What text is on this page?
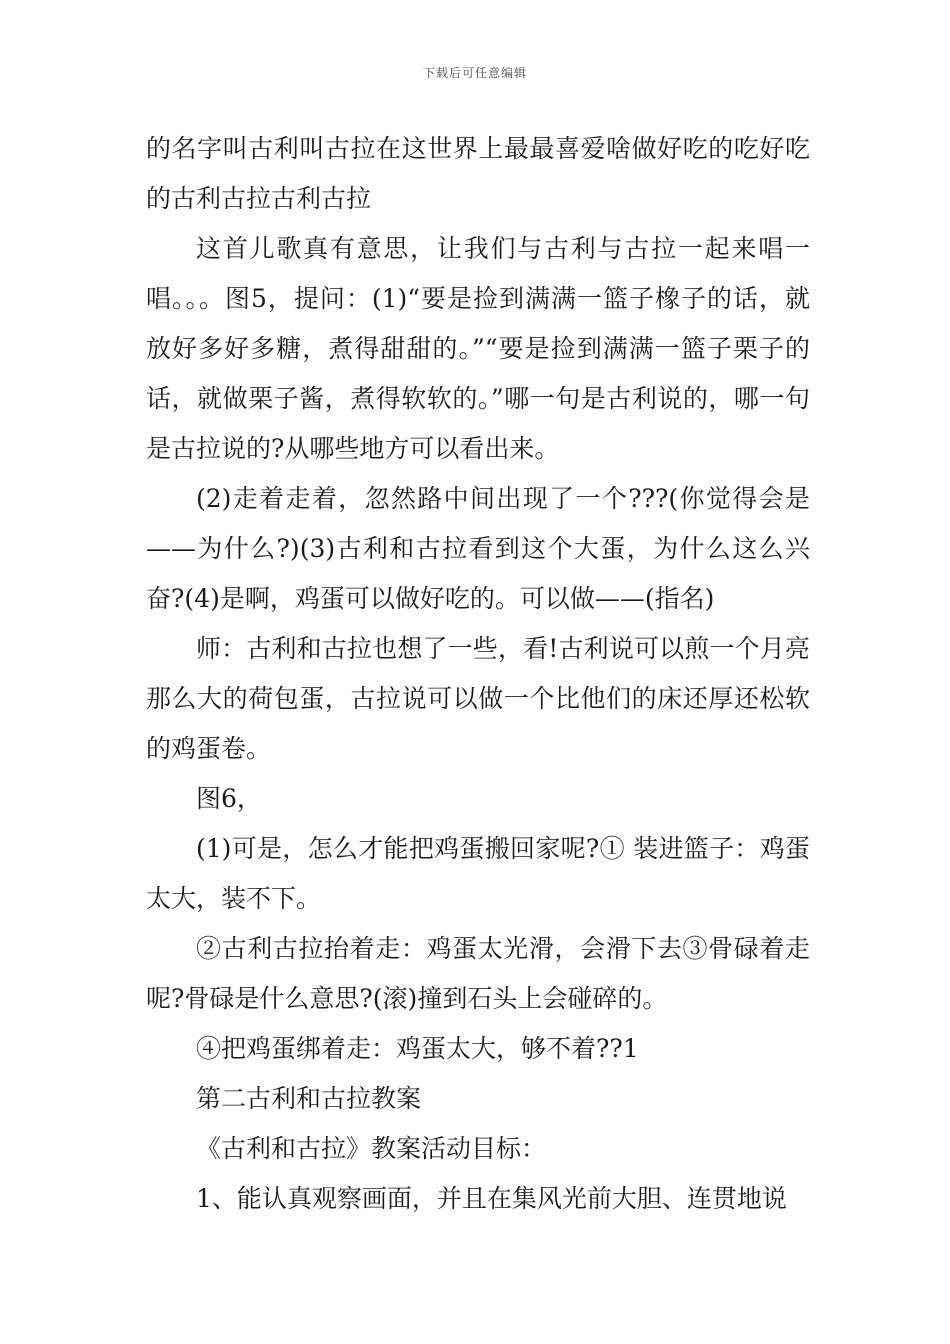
下载后可任意编辑

的名字叫古利叫古拉在这世界上最最喜爱啥做好吃的吃好吃的古利古拉古利古拉

这首儿歌真有意思，让我们与古利与古拉一起来唱一唱。。。图5，提问：(1)“要是捡到满满一篮子橡子的话，就放好多好多糖，煮得甜甜的。”“要是捡到满满一篮子栗子的话，就做栗子酱，煮得软软的。”哪一句是古利说的，哪一句是古拉说的?从哪些地方可以看出来。

(2)走着走着，忽然路中间出现了一个???(你觉得会是——为什么?)(3)古利和古拉看到这个大蛋，为什么这么兴奋?(4)是啊，鸡蛋可以做好吃的。可以做——(指名)

师：古利和古拉也想了一些，看!古利说可以煎一个月亮那么大的荷包蛋，古拉说可以做一个比他们的床还厚还松软的鸡蛋卷。

图6，

(1)可是，怎么才能把鸡蛋搬回家呢?① 装进篮子：鸡蛋太大，装不下。

②古利古拉抬着走：鸡蛋太光滑，会滑下去③骨碌着走呢?骨碌是什么意思?(滚)撞到石头上会碰碎的。

④把鸡蛋绑着走：鸡蛋太大，够不着??1

第二古利和古拉教案

《古利和古拉》教案活动目标：

1、能认真观察画面，并且在集风光前大胆、连贯地说
